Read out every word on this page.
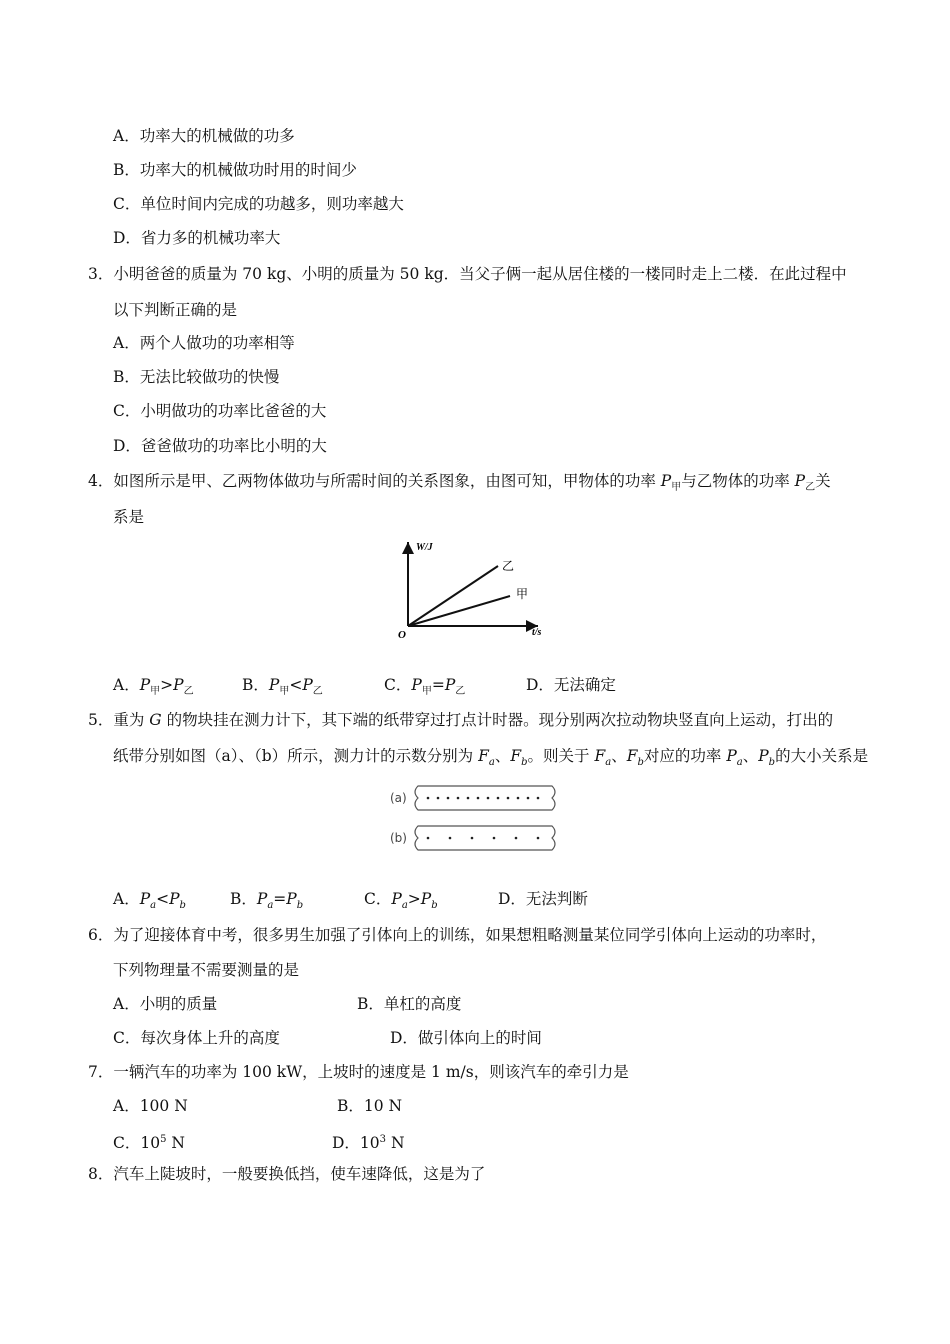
A．功率大的机械做的功多
B．功率大的机械做功时用的时间少
C．单位时间内完成的功越多，则功率越大
D．省力多的机械功率大
3．小明爸爸的质量为 70 kg、小明的质量为 50 kg．当父子俩一起从居住楼的一楼同时走上二楼．在此过程中
以下判断正确的是
A．两个人做功的功率相等
B．无法比较做功的快慢
C．小明做功的功率比爸爸的大
D．爸爸做功的功率比小明的大
4．如图所示是甲、乙两物体做功与所需时间的关系图象，由图可知，甲物体的功率 $P_甲$与乙物体的功率 $P_乙$关
系是
W/J
t/s
O
乙
甲
A．$P_甲>P_乙$	B．$P_甲<P_乙$	C．$P_甲=P_乙$	D．无法确定
5．重为 G 的物块挂在测力计下，其下端的纸带穿过打点计时器。现分别两次拉动物块竖直向上运动，打出的
纸带分别如图（a）、（b）所示，测力计的示数分别为 $F_a$、$F_b$。则关于 $F_a$、$F_b$对应的功率 $P_a$、$P_b$的大小关系是
(a)
(b)
A．$P_a<P_b$	B．$P_a=P_b$	C．$P_a>P_b$	D．无法判断
6．为了迎接体育中考，很多男生加强了引体向上的训练，如果想粗略测量某位同学引体向上运动的功率时，
下列物理量不需要测量的是
A．小明的质量	B．单杠的高度
C．每次身体上升的高度	D．做引体向上的时间
7．一辆汽车的功率为 100 kW，上坡时的速度是 1 m/s，则该汽车的牵引力是
A．100 N	B．10 N
C．$10^5$ N	D．$10^3$ N
8．汽车上陡坡时，一般要换低挡，使车速降低，这是为了
